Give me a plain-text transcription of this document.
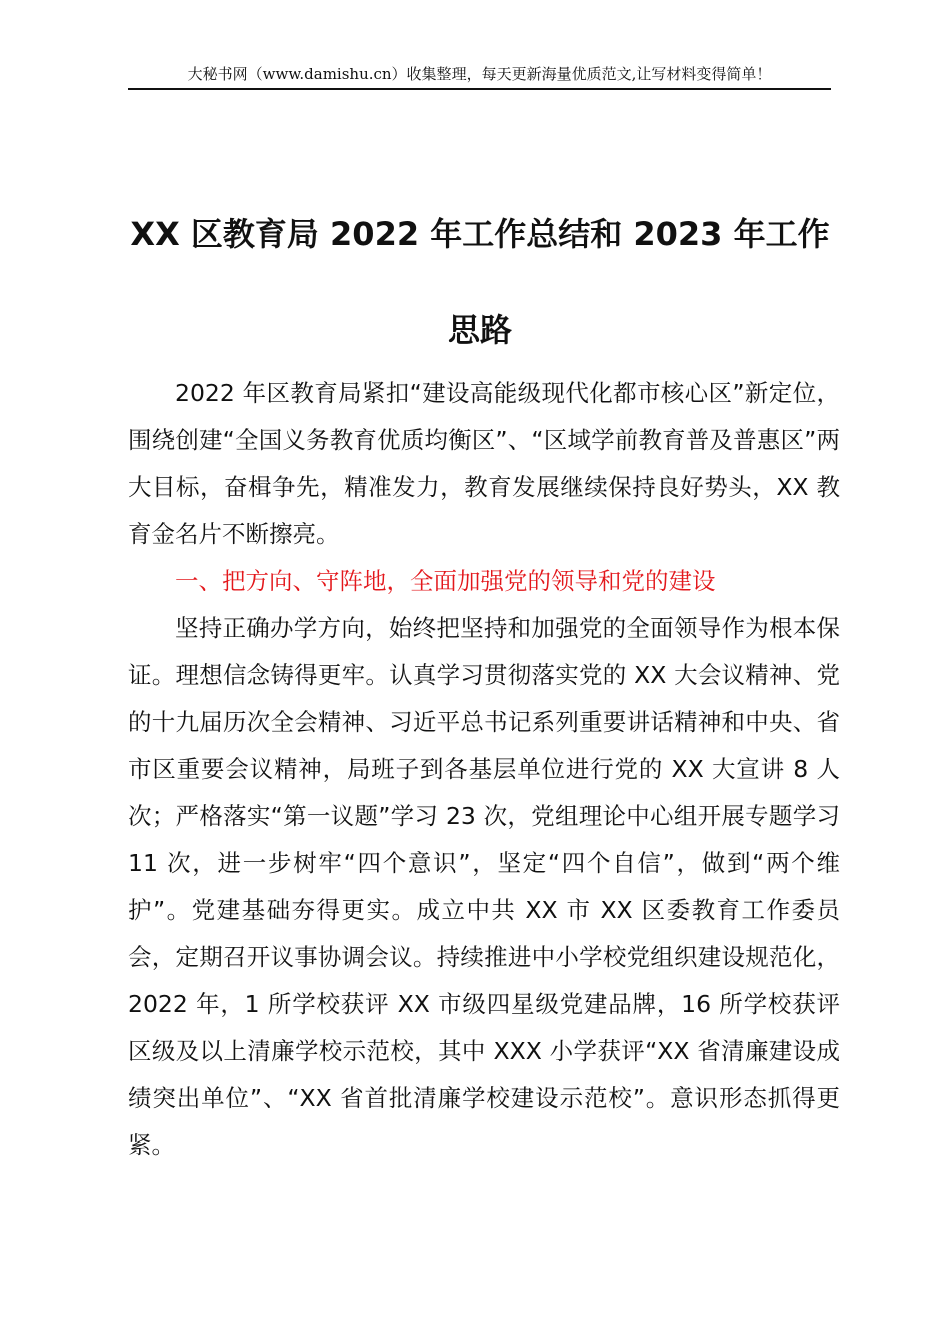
大秘书网（www.damishu.cn）收集整理，每天更新海量优质范文,让写材料变得简单！
XX 区教育局 2022 年工作总结和 2023 年工作
思路

2022 年区教育局紧扣“建设高能级现代化都市核心区”新定位，围绕创建“全国义务教育优质均衡区”、“区域学前教育普及普惠区”两大目标，奋楫争先，精准发力，教育发展继续保持良好势头，XX 教育金名片不断擦亮。

一、把方向、守阵地，全面加强党的领导和党的建设

坚持正确办学方向，始终把坚持和加强党的全面领导作为根本保证。理想信念铸得更牢。认真学习贯彻落实党的 XX 大会议精神、党的十九届历次全会精神、习近平总书记系列重要讲话精神和中央、省市区重要会议精神，局班子到各基层单位进行党的 XX 大宣讲 8 人次；严格落实“第一议题”学习 23 次，党组理论中心组开展专题学习 11 次，进一步树牢“四个意识”，坚定“四个自信”，做到“两个维护”。党建基础夯得更实。成立中共 XX 市 XX 区委教育工作委员会，定期召开议事协调会议。持续推进中小学校党组织建设规范化，2022 年，1 所学校获评 XX 市级四星级党建品牌，16 所学校获评区级及以上清廉学校示范校，其中 XXX 小学获评“XX 省清廉建设成绩突出单位”、“XX 省首批清廉学校建设示范校”。意识形态抓得更紧。
